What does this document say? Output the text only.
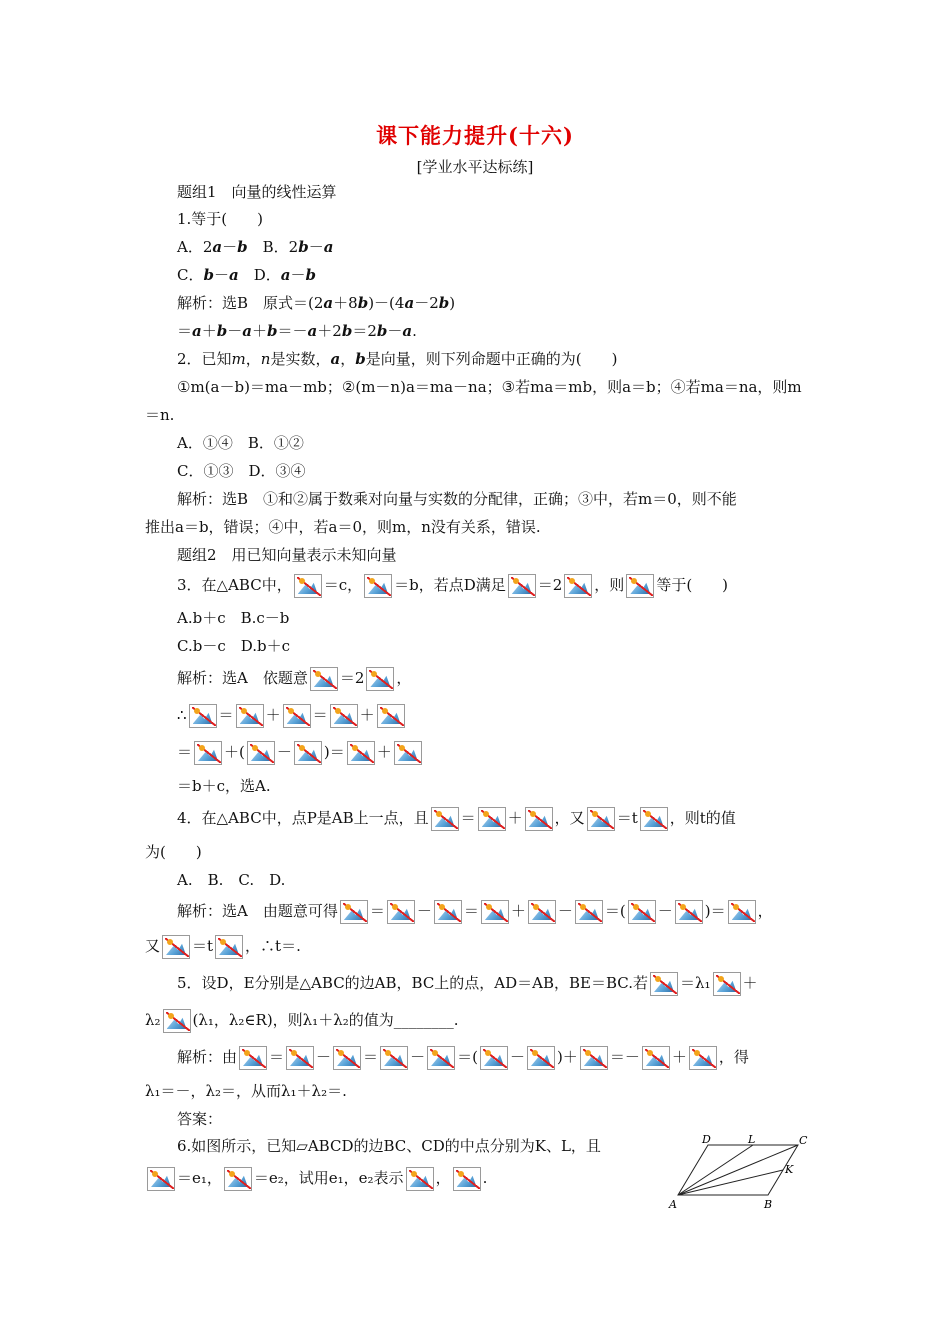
课下能力提升(十六)
[学业水平达标练]
题组1　向量的线性运算
1.等于(　　)
A．2a－b　B．2b－a
C．b－a　D．a－b
解析：选B　原式＝(2a＋8b)－(4a－2b)
＝a＋b－a＋b＝－a＋2b＝2b－a.
2．已知m，n是实数，a，b是向量，则下列命题中正确的为(　　)
①m(a－b)＝ma－mb；②(m－n)a＝ma－na；③若ma＝mb，则a＝b；④若ma＝na，则m
＝n.
A．①④　B．①②
C．①③　D．③④
解析：选B　①和②属于数乘对向量与实数的分配律，正确；③中，若m＝0，则不能
推出a＝b，错误；④中，若a＝0，则m，n没有关系，错误.
题组2　用已知向量表示未知向量
3．在△ABC中， ＝c， ＝b，若点D满足 ＝2 ，则 等于(　　)
A.b＋c　B.c－b
C.b－c　D.b＋c
解析：选A　依题意 ＝2 ，
∴ ＝ ＋ ＝ ＋
＝ ＋( － )＝ ＋
＝b＋c，选A.
4．在△ABC中，点P是AB上一点，且 ＝ ＋ ，又 ＝t ，则t的值
为(　　)
A.　B.　C.　D.
解析：选A　由题意可得 ＝ － ＝ ＋ － ＝( － )＝ ，
又 ＝t ，∴t＝.
5．设D，E分别是△ABC的边AB，BC上的点，AD＝AB，BE＝BC.若 ＝λ₁ ＋
λ₂ (λ₁，λ₂∈R)，则λ₁＋λ₂的值为________.
解析：由 ＝ － ＝ － ＝( － )＋ ＝－ ＋ ，得
λ₁＝－，λ₂＝，从而λ₁＋λ₂＝.
答案：
6.如图所示，已知▱ABCD的边BC、CD的中点分别为K、L，且
＝e₁， ＝e₂，试用e₁，e₂表示 ， .
D	L	C
K
A	B
